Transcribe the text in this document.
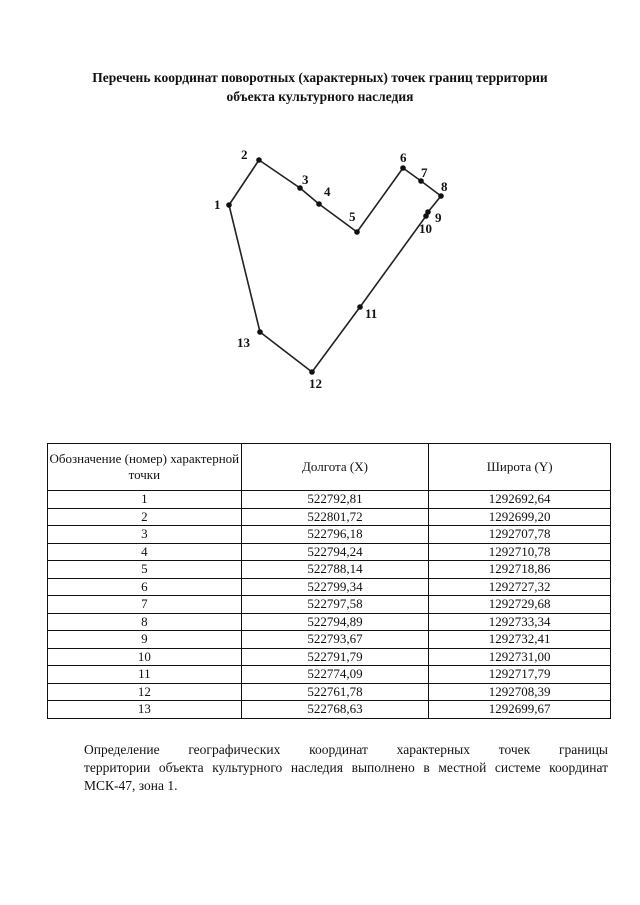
Перечень координат поворотных (характерных) точек границ территории
объекта культурного наследия
1
2
3
4
5
6
7
8
9
10
11
12
13
Обозначение (номер) характерной точки	Долгота (X)	Широта (Y)
1	522792,81	1292692,64
2	522801,72	1292699,20
3	522796,18	1292707,78
4	522794,24	1292710,78
5	522788,14	1292718,86
6	522799,34	1292727,32
7	522797,58	1292729,68
8	522794,89	1292733,34
9	522793,67	1292732,41
10	522791,79	1292731,00
11	522774,09	1292717,79
12	522761,78	1292708,39
13	522768,63	1292699,67
Определение географических координат характерных точек границы
территории объекта культурного наследия выполнено в местной системе координат
МСК-47, зона 1.
